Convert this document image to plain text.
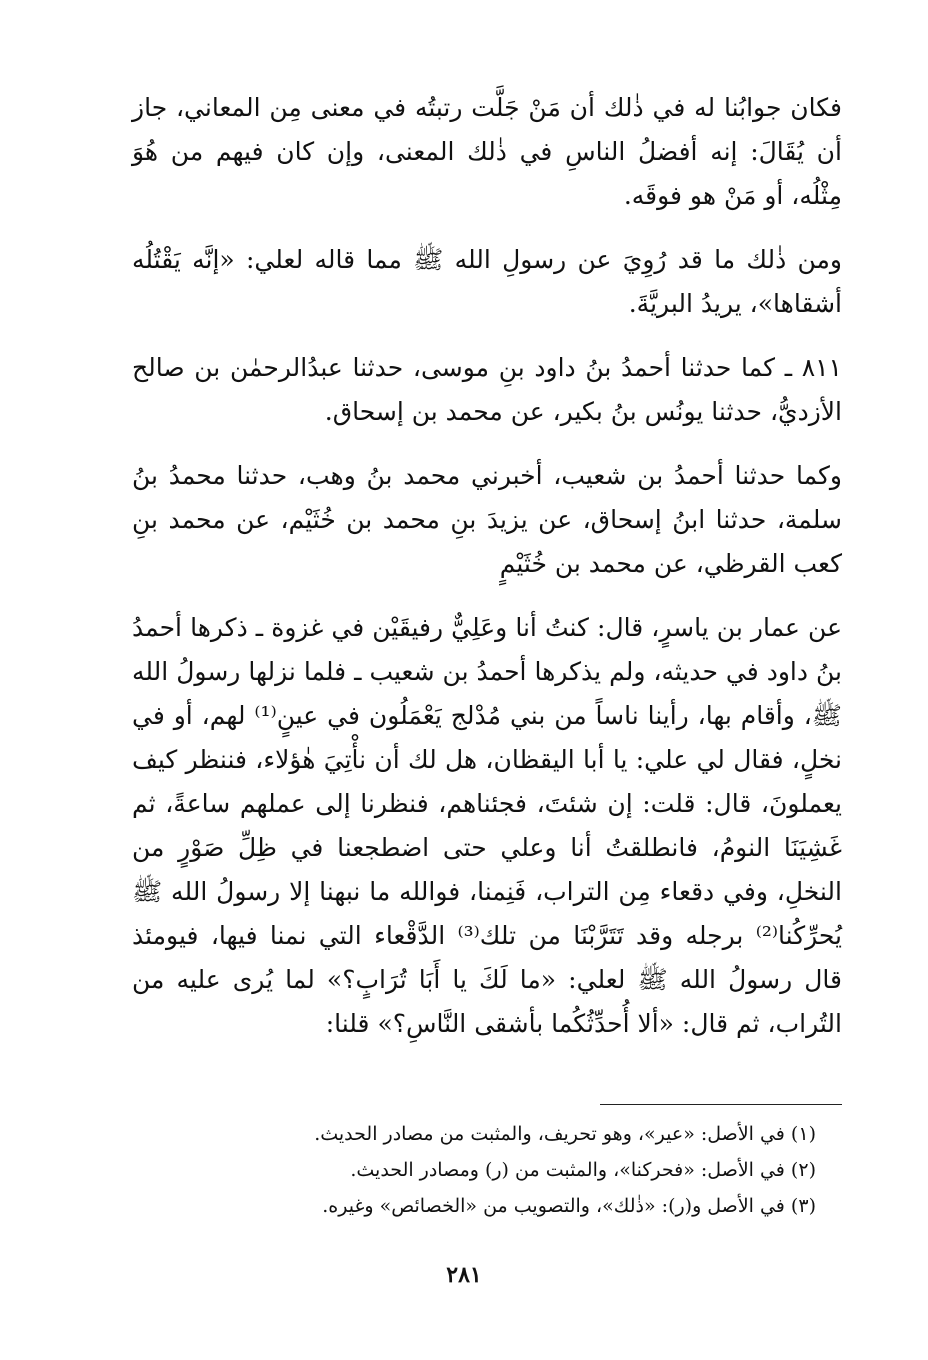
فكان جوابُنا له في ذٰلك أن مَنْ جَلَّت رتبتُه في معنى مِن المعاني، جاز أن يُقَالَ: إنه أفضلُ الناسِ في ذٰلك المعنى، وإن كان فيهم من هُوَ مِثْلُه، أو مَنْ هو فوقَه.

ومن ذٰلك ما قد رُوِيَ عن رسولِ الله ﷺ مما قاله لعلي: «إنَّه يَقْتُلُه أشقاها»، يريدُ البريَّةَ.

٨١١ ـ كما حدثنا أحمدُ بنُ داود بنِ موسى، حدثنا عبدُالرحمٰن بن صالح الأزديُّ، حدثنا يونُس بنُ بكير، عن محمد بن إسحاق.

وكما حدثنا أحمدُ بن شعيب، أخبرني محمد بنُ وهب، حدثنا محمدُ بنُ سلمة، حدثنا ابنُ إسحاق، عن يزيدَ بنِ محمد بن خُثَيْم، عن محمد بنِ كعب القرظي، عن محمد بن خُثَيْمٍ

عن عمار بن ياسرٍ، قال: كنتُ أنا وعَلِيٌّ رفيقَيْن في غزوة ـ ذكرها أحمدُ بنُ داود في حديثه، ولم يذكرها أحمدُ بن شعيب ـ فلما نزلها رسولُ الله ﷺ، وأقام بها، رأينا ناساً من بني مُدْلج يَعْمَلُون في عينٍ⁽¹⁾ لهم، أو في نخلٍ، فقال لي علي: يا أبا اليقظان، هل لك أن نأْتِيَ هٰؤلاء، فننظر كيف يعملونَ، قال: قلت: إن شئتَ، فجئناهم، فنظرنا إلى عملهم ساعةً، ثم غَشِيَنَا النومُ، فانطلقتُ أنا وعلي حتى اضطجعنا في ظِلِّ صَوْرٍ من النخلِ، وفي دقعاء مِن التراب، فَنِمنا، فوالله ما نبهنا إلا رسولُ الله ﷺ يُحرِّكُنا⁽²⁾ برجله وقد تَتَرَّبْنَا من تلك⁽³⁾ الدَّقْعاء التي نمنا فيها، فيومئذ قال رسولُ الله ﷺ لعلي: «ما لَكَ يا أَبَا تُرَابٍ؟» لما يُرى عليه من التُراب، ثم قال: «ألا أُحدِّثُكُما بأشقى النَّاسِ؟» قلنا:

(١) في الأصل: «عير»، وهو تحريف، والمثبت من مصادر الحديث.

(٢) في الأصل: «فحركنا»، والمثبت من (ر) ومصادر الحديث.

(٣) في الأصل و(ر): «ذٰلك»، والتصويب من «الخصائص» وغيره.

٢٨١
